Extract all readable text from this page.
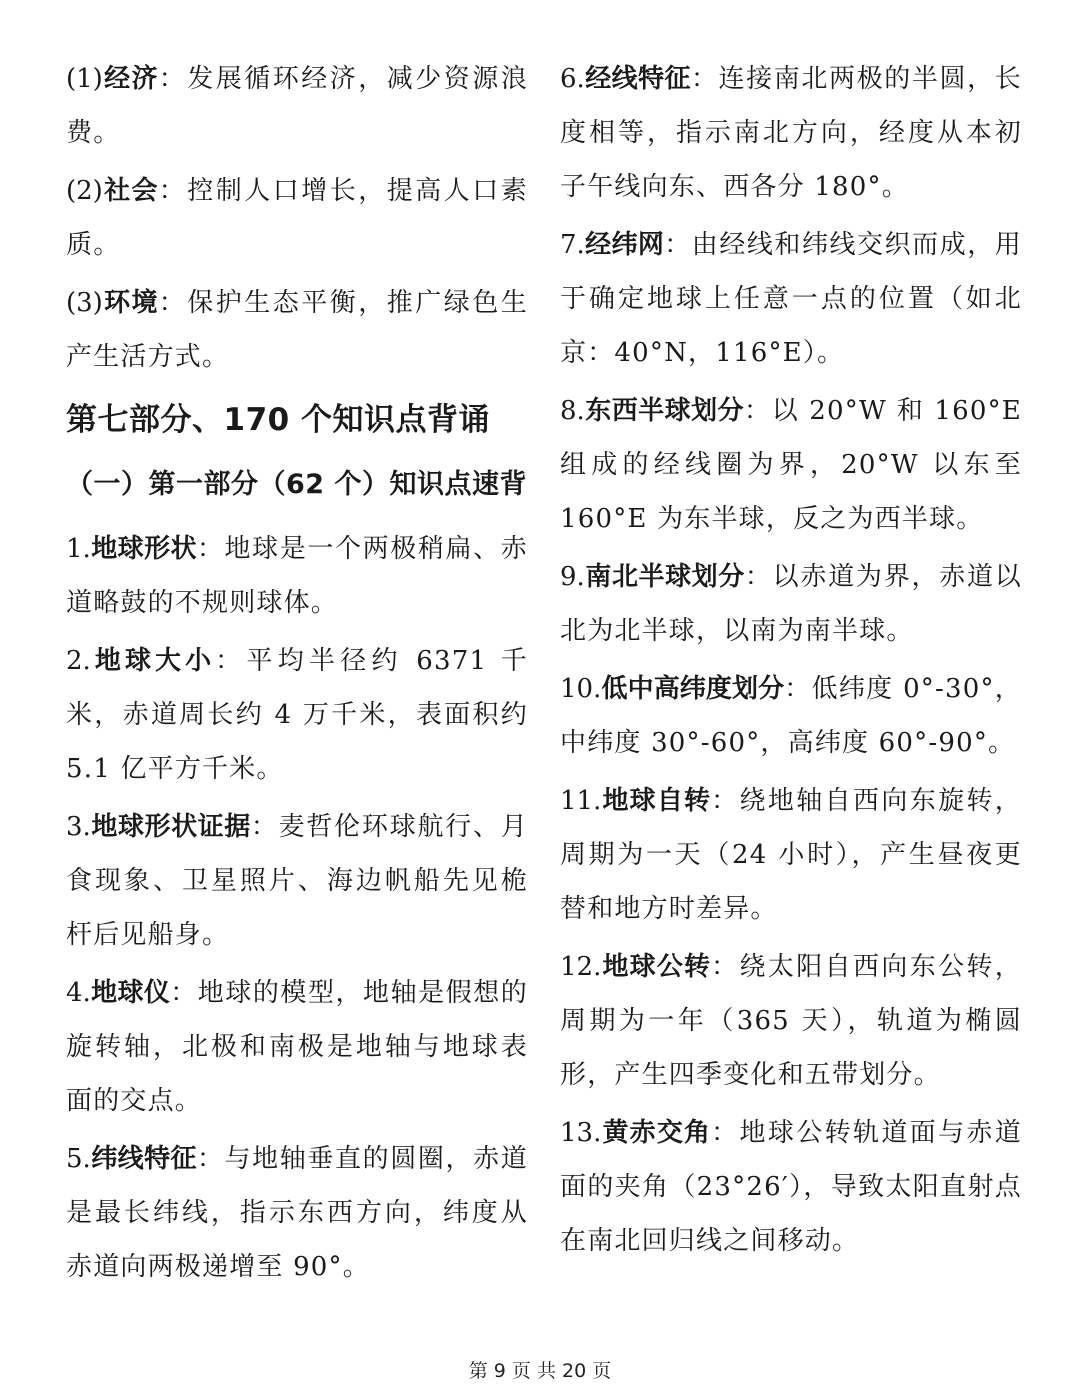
(1)经济：发展循环经济，减少资源浪费。

(2)社会：控制人口增长，提高人口素质。

(3)环境：保护生态平衡，推广绿色生产生活方式。

第七部分、170 个知识点背诵
（一）第一部分（62 个）知识点速背

1.地球形状：地球是一个两极稍扁、赤道略鼓的不规则球体。

2.地球大小：平均半径约 6371 千米，赤道周长约 4 万千米，表面积约 5.1 亿平方千米。

3.地球形状证据：麦哲伦环球航行、月食现象、卫星照片、海边帆船先见桅杆后见船身。

4.地球仪：地球的模型，地轴是假想的旋转轴，北极和南极是地轴与地球表面的交点。

5.纬线特征：与地轴垂直的圆圈，赤道是最长纬线，指示东西方向，纬度从赤道向两极递增至 90°。

6.经线特征：连接南北两极的半圆，长度相等，指示南北方向，经度从本初子午线向东、西各分 180°。

7.经纬网：由经线和纬线交织而成，用于确定地球上任意一点的位置（如北京：40°N，116°E）。

8.东西半球划分：以 20°W 和 160°E 组成的经线圈为界，20°W 以东至 160°E 为东半球，反之为西半球。

9.南北半球划分：以赤道为界，赤道以北为北半球，以南为南半球。

10.低中高纬度划分：低纬度 0°-30°，中纬度 30°-60°，高纬度 60°-90°。

11.地球自转：绕地轴自西向东旋转，周期为一天（24 小时），产生昼夜更替和地方时差异。

12.地球公转：绕太阳自西向东公转，周期为一年（365 天），轨道为椭圆形，产生四季变化和五带划分。

13.黄赤交角：地球公转轨道面与赤道面的夹角（23°26′），导致太阳直射点在南北回归线之间移动。

第 9 页 共 20 页
